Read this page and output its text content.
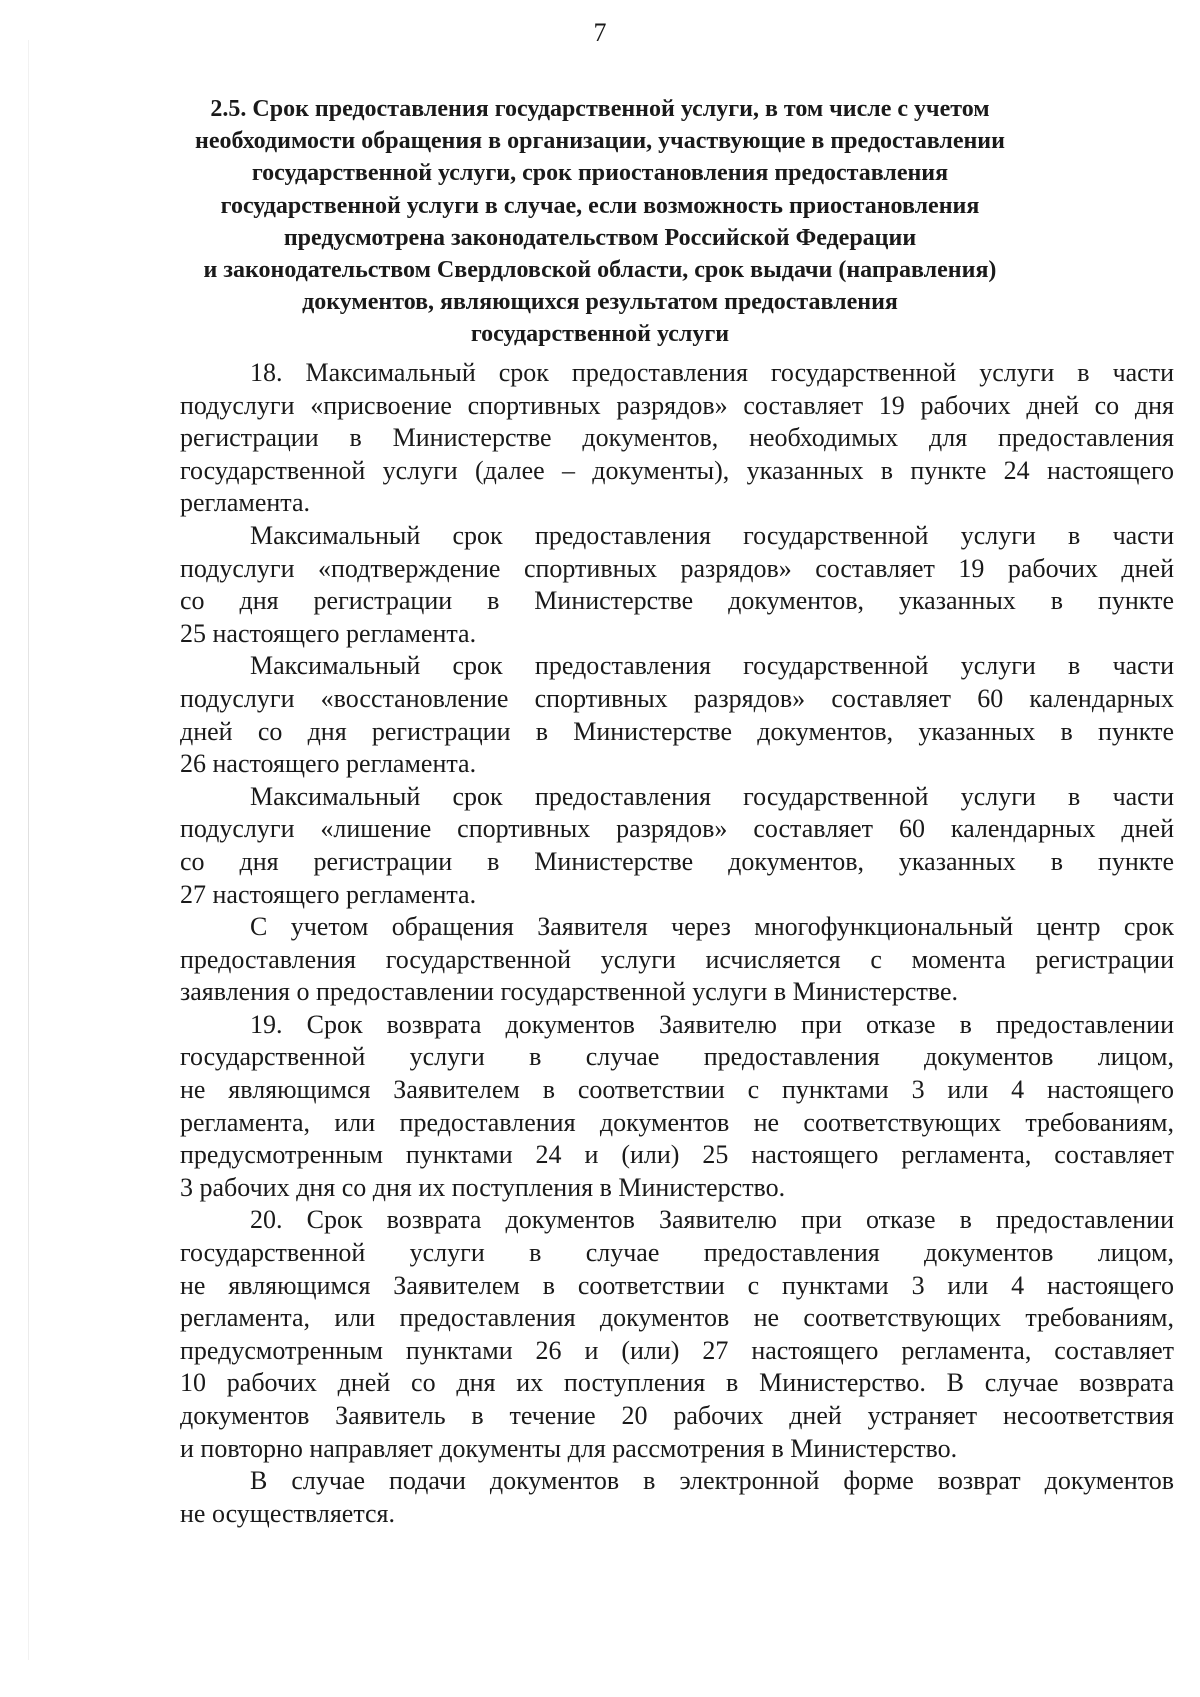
7
2.5. Срок предоставления государственной услуги, в том числе с учетом
необходимости обращения в организации, участвующие в предоставлении
государственной услуги, срок приостановления предоставления
государственной услуги в случае, если возможность приостановления
предусмотрена законодательством Российской Федерации
и законодательством Свердловской области, срок выдачи (направления)
документов, являющихся результатом предоставления
государственной услуги
18. Максимальный срок предоставления государственной услуги в части
подуслуги «присвоение спортивных разрядов» составляет 19 рабочих дней со дня
регистрации в Министерстве документов, необходимых для предоставления
государственной услуги (далее – документы), указанных в пункте 24 настоящего
регламента.
Максимальный срок предоставления государственной услуги в части
подуслуги «подтверждение спортивных разрядов» составляет 19 рабочих дней
со дня регистрации в Министерстве документов, указанных в пункте
25 настоящего регламента.
Максимальный срок предоставления государственной услуги в части
подуслуги «восстановление спортивных разрядов» составляет 60 календарных
дней со дня регистрации в Министерстве документов, указанных в пункте
26 настоящего регламента.
Максимальный срок предоставления государственной услуги в части
подуслуги «лишение спортивных разрядов» составляет 60 календарных дней
со дня регистрации в Министерстве документов, указанных в пункте
27 настоящего регламента.
С учетом обращения Заявителя через многофункциональный центр срок
предоставления государственной услуги исчисляется с момента регистрации
заявления о предоставлении государственной услуги в Министерстве.
19. Срок возврата документов Заявителю при отказе в предоставлении
государственной услуги в случае предоставления документов лицом,
не являющимся Заявителем в соответствии с пунктами 3 или 4 настоящего
регламента, или предоставления документов не соответствующих требованиям,
предусмотренным пунктами 24 и (или) 25 настоящего регламента, составляет
3 рабочих дня со дня их поступления в Министерство.
20. Срок возврата документов Заявителю при отказе в предоставлении
государственной услуги в случае предоставления документов лицом,
не являющимся Заявителем в соответствии с пунктами 3 или 4 настоящего
регламента, или предоставления документов не соответствующих требованиям,
предусмотренным пунктами 26 и (или) 27 настоящего регламента, составляет
10 рабочих дней со дня их поступления в Министерство. В случае возврата
документов Заявитель в течение 20 рабочих дней устраняет несоответствия
и повторно направляет документы для рассмотрения в Министерство.
В случае подачи документов в электронной форме возврат документов
не осуществляется.
